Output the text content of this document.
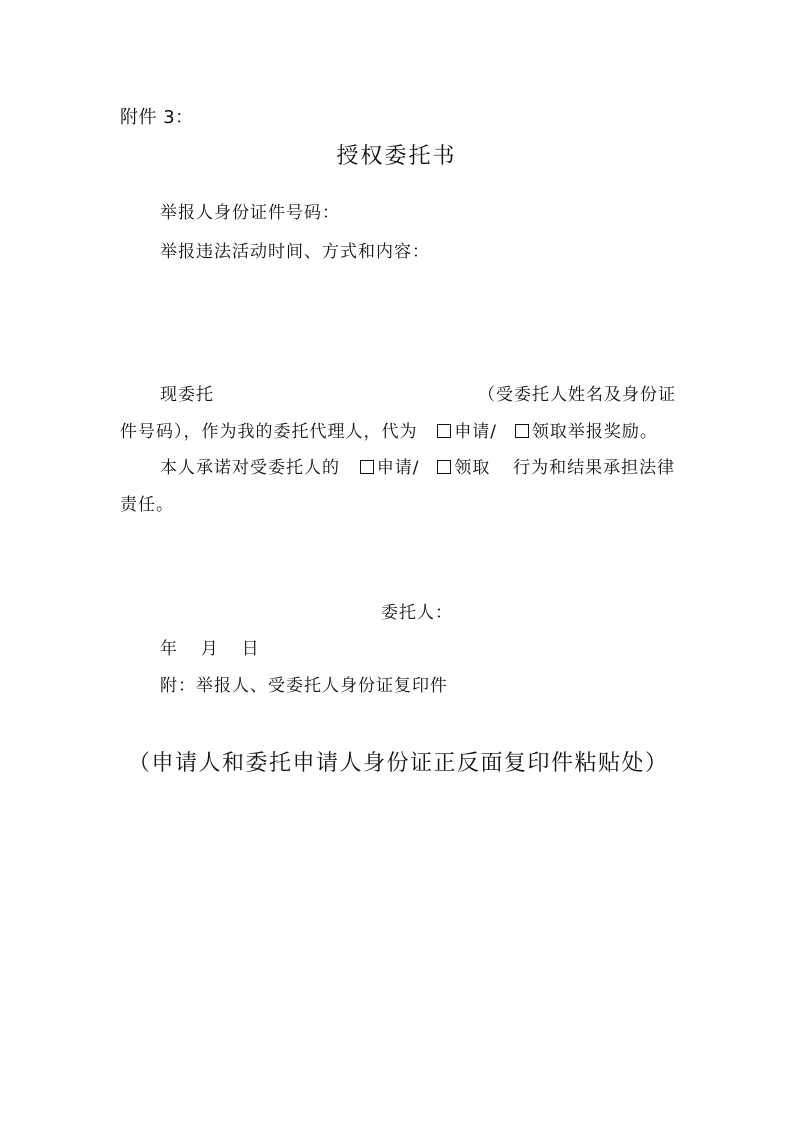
附件 3：
授权委托书
举报人身份证件号码：
举报违法活动时间、方式和内容：
现委托	（受委托人姓名及身份证
件号码），作为我的委托代理人，代为 申请/ 领取举报奖励。
本人承诺对受委托人的 申请/ 领取 行为和结果承担法律
责任。
委托人：
年 月 日
附：举报人、受委托人身份证复印件
（申请人和委托申请人身份证正反面复印件粘贴处）
